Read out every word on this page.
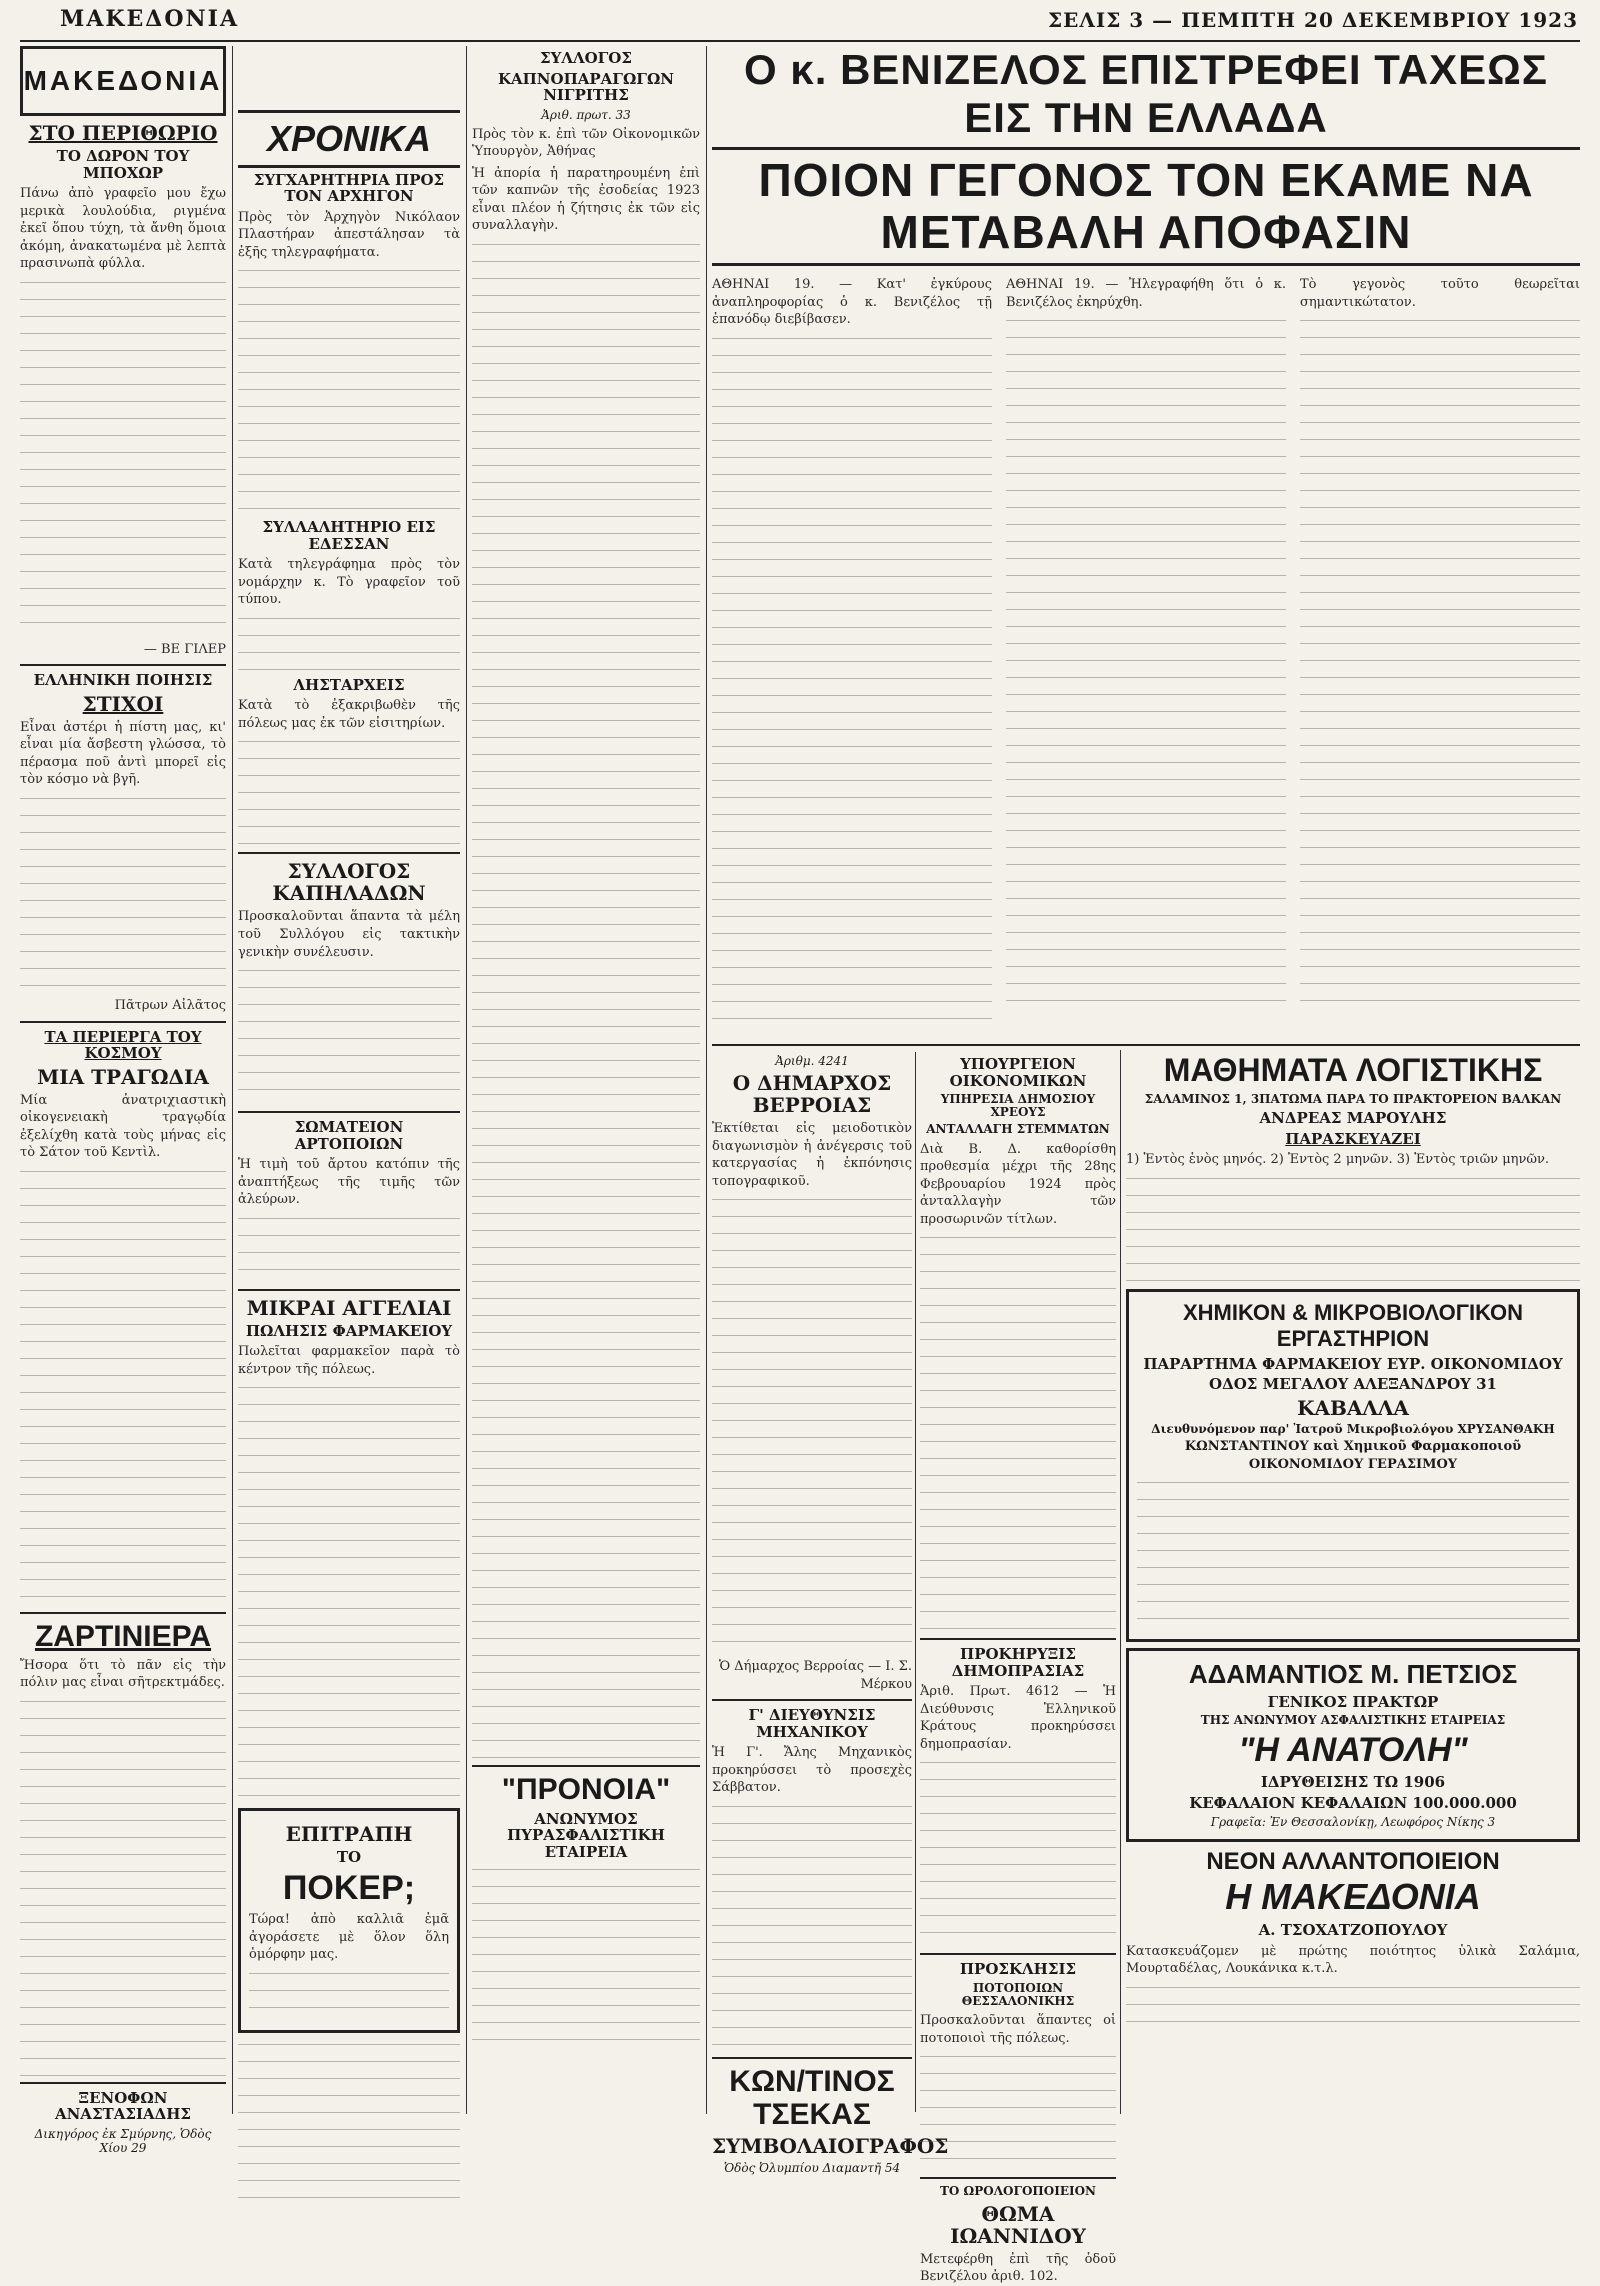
ΜΑΚΕΔΟΝΙΑ	ΣΕΛΙΣ 3 — ΠΕΜΠΤΗ 20 ΔΕΚΕΜΒΡΙΟΥ 1923
ΜΑΚΕΔΟΝΙΑ
ΣΤΟ ΠΕΡΙΘΩΡΙΟ
ΤΟ ΔΩΡΟΝ ΤΟΥ ΜΠΟΧΩΡ
Πάνω ἀπὸ γραφεῖο μου ἔχω μερικὰ λουλούδια, ριγμένα ἐκεῖ ὅπου τύχη, τὰ ἄνθη ὅμοια ἀκόμη, ἀνακατωμένα μὲ λεπτὰ πρασινωπὰ φύλλα.
— ΒΕ ΓΙΛΕΡ
ΕΛΛΗΝΙΚΗ ΠΟΙΗΣΙΣ
ΣΤΙΧΟΙ
Εἶναι ἀστέρι ἡ πίστη μας, κι' εἶναι μία ἄσβεστη γλώσσα, τὸ πέρασμα ποῦ ἀντὶ μπορεῖ εἰς τὸν κόσμο νὰ βγῆ.
Πᾶτρων Αἰλᾶτος
ΤΑ ΠΕΡΙΕΡΓΑ ΤΟΥ ΚΟΣΜΟΥ
ΜΙΑ ΤΡΑΓΩΔΙΑ
Μία ἀνατριχιαστικὴ οἰκογενειακὴ τραγῳδία ἐξελίχθη κατὰ τοὺς μήνας εἰς τὸ Σάτον τοῦ Κεντὶλ.
ΖΑΡΤΙΝΙΕΡΑ
Ἤσορα ὅτι τὸ πᾶν εἰς τὴν πόλιν μας εἶναι σῆτρεκτμάδες.
ΞΕΝΟΦΩΝ ΑΝΑΣΤΑΣΙΑΔΗΣ
Δικηγόρος ἐκ Σμύρνης, Ὁδὸς Χίου 29
ΧΡΟΝΙΚΑ
ΣΥΓΧΑΡΗΤΗΡΙΑ ΠΡΟΣ ΤΟΝ ΑΡΧΗΓΟΝ
Πρὸς τὸν Ἀρχηγὸν Νικόλαον Πλαστήραν ἀπεστάλησαν τὰ ἐξῆς τηλεγραφήματα.
ΣΥΛΛΑΛΗΤΗΡΙΟ ΕΙΣ ΕΔΕΣΣΑΝ
Κατὰ τηλεγράφημα πρὸς τὸν νομάρχην κ. Τὸ γραφεῖον τοῦ τύπου.
ΛΗΣΤΑΡΧΕΙΣ
Κατὰ τὸ ἐξακριβωθὲν τῆς πόλεως μας ἐκ τῶν εἰσιτηρίων.
ΣΥΛΛΟΓΟΣ ΚΑΠΗΛΑΔΩΝ
Προσκαλοῦνται ἅπαντα τὰ μέλη τοῦ Συλλόγου εἰς τακτικὴν γενικὴν συνέλευσιν.
ΣΩΜΑΤΕΙΟΝ ΑΡΤΟΠΟΙΩΝ
Ἡ τιμὴ τοῦ ἄρτου κατόπιν τῆς ἀναπτήξεως τῆς τιμῆς τῶν ἀλεύρων.
ΜΙΚΡΑΙ ΑΓΓΕΛΙΑΙ
ΠΩΛΗΣΙΣ ΦΑΡΜΑΚΕΙΟΥ
Πωλεῖται φαρμακεῖον παρὰ τὸ κέντρον τῆς πόλεως.
ΕΠΙΤΡΑΠΗ
ΤΟ
ΠΟΚΕΡ;
Τώρα! ἀπὸ καλλιᾶ ἐμᾶ ἀγοράσετε μὲ ὅλον ὅλη ὁμόρφην μας.
ΣΥΛΛΟΓΟΣ
ΚΑΠΝΟΠΑΡΑΓΩΓΩΝ ΝΙΓΡΙΤΗΣ
Ἀριθ. πρωτ. 33
Πρὸς τὸν κ. ἐπὶ τῶν Οἰκονομικῶν Ὑπουργὸν, Ἀθήνας
Ἡ ἀπορία ἡ παρατηρουμένη ἐπὶ τῶν καπνῶν τῆς ἐσοδείας 1923 εἶναι πλέον ἡ ζήτησις ἐκ τῶν εἰς συναλλαγὴν.
"ΠΡΟΝΟΙΑ"
ΑΝΩΝΥΜΟΣ ΠΥΡΑΣΦΑΛΙΣΤΙΚΗ ΕΤΑΙΡΕΙΑ
Ο κ. ΒΕΝΙΖΕΛΟΣ ΕΠΙΣΤΡΕΦΕΙ ΤΑΧΕΩΣ ΕΙΣ ΤΗΝ ΕΛΛΑΔΑ
ΠΟΙΟΝ ΓΕΓΟΝΟΣ ΤΟΝ ΕΚΑΜΕ ΝΑ ΜΕΤΑΒΑΛΗ ΑΠΟΦΑΣΙΝ
ΑΘΗΝΑΙ 19. — Κατ' ἐγκύρους ἀναπληροφορίας ὁ κ. Βενιζέλος τῇ ἐπανόδῳ διεβίβασεν.
ΑΘΗΝΑΙ 19. — Ἠλεγραφήθη ὅτι ὁ κ. Βενιζέλος ἐκηρύχθη.
Τὸ γεγονὸς τοῦτο θεωρεῖται σημαντικώτατον.
Ἀριθμ. 4241
Ο ΔΗΜΑΡΧΟΣ ΒΕΡΡΟΙΑΣ
Ἐκτίθεται εἰς μειοδοτικὸν διαγωνισμὸν ἡ ἀνέγερσις τοῦ κατεργασίας ἡ ἐκπόνησις τοπογραφικοῦ.
Ὁ Δήμαρχος Βερροίας — Ι. Σ. Μέρκου
Γ' ΔΙΕΥΘΥΝΣΙΣ ΜΗΧΑΝΙΚΟΥ
Ἡ Γ'. Ἄλης Μηχανικὸς προκηρύσσει τὸ προσεχὲς Σάββατον.
ΚΩΝ/ΤΙΝΟΣ ΤΣΕΚΑΣ
ΣΥΜΒΟΛΑΙΟΓΡΑΦΟΣ
Ὁδὸς Ὀλυμπίου Διαμαντῆ 54
ΥΠΟΥΡΓΕΙΟΝ ΟΙΚΟΝΟΜΙΚΩΝ
ΥΠΗΡΕΣΙΑ ΔΗΜΟΣΙΟΥ ΧΡΕΟΥΣ
ΑΝΤΑΛΛΑΓΗ ΣΤΕΜΜΑΤΩΝ
Διὰ Β. Δ. καθορίσθη προθεσμία μέχρι τῆς 28ης Φεβρουαρίου 1924 πρὸς ἀνταλλαγὴν τῶν προσωρινῶν τίτλων.
ΠΡΟΚΗΡΥΞΙΣ ΔΗΜΟΠΡΑΣΙΑΣ
Ἀριθ. Πρωτ. 4612 — Ἡ Διεύθυνσις Ἑλληνικοῦ Κράτους προκηρύσσει δημοπρασίαν.
ΠΡΟΣΚΛΗΣΙΣ
ΠΟΤΟΠΟΙΩΝ ΘΕΣΣΑΛΟΝΙΚΗΣ
Προσκαλοῦνται ἅπαντες οἱ ποτοποιοὶ τῆς πόλεως.
ΤΟ ΩΡΟΛΟΓΟΠΟΙΕΙΟΝ
ΘΩΜΑ ΙΩΑΝΝΙΔΟΥ
Μετεφέρθη ἐπὶ τῆς ὁδοῦ Βενιζέλου ἀριθ. 102.
ΜΑΘΗΜΑΤΑ ΛΟΓΙΣΤΙΚΗΣ
ΣΑΛΑΜΙΝΟΣ 1, 3ΠΑΤΩΜΑ ΠΑΡΑ ΤΟ ΠΡΑΚΤΟΡΕΙΟΝ ΒΑΛΚΑΝ
ΑΝΔΡΕΑΣ ΜΑΡΟΥΛΗΣ
ΠΑΡΑΣΚΕΥΑΖΕΙ
1) Ἐντὸς ἑνὸς μηνός. 2) Ἐντὸς 2 μηνῶν. 3) Ἐντὸς τριῶν μηνῶν.
ΧΗΜΙΚΟΝ & ΜΙΚΡΟΒΙΟΛΟΓΙΚΟΝ ΕΡΓΑΣΤΗΡΙΟΝ
ΠΑΡΑΡΤΗΜΑ ΦΑΡΜΑΚΕΙΟΥ ΕΥΡ. ΟΙΚΟΝΟΜΙΔΟΥ
ΟΔΟΣ ΜΕΓΑΛΟΥ ΑΛΕΞΑΝΔΡΟΥ 31
ΚΑΒΑΛΛΑ
Διευθυνόμενον παρ' Ἰατροῦ Μικροβιολόγου ΧΡΥΣΑΝΘΑΚΗ
ΚΩΝΣΤΑΝΤΙΝΟΥ καὶ Χημικοῦ Φαρμακοποιοῦ
ΟΙΚΟΝΟΜΙΔΟΥ ΓΕΡΑΣΙΜΟΥ
ΑΔΑΜΑΝΤΙΟΣ Μ. ΠΕΤΣΙΟΣ
ΓΕΝΙΚΟΣ ΠΡΑΚΤΩΡ
ΤΗΣ ΑΝΩΝΥΜΟΥ ΑΣΦΑΛΙΣΤΙΚΗΣ ΕΤΑΙΡΕΙΑΣ
"Η ΑΝΑΤΟΛΗ"
ΙΔΡΥΘΕΙΣΗΣ ΤΩ 1906
ΚΕΦΑΛΑΙΟΝ ΚΕΦΑΛΑΙΩΝ 100.000.000
Γραφεῖα: Ἐν Θεσσαλονίκῃ, Λεωφόρος Νίκης 3
ΝΕΟΝ ΑΛΛΑΝΤΟΠΟΙΕΙΟΝ
Η ΜΑΚΕΔΟΝΙΑ
Α. ΤΣΟΧΑΤΖΟΠΟΥΛΟΥ
Κατασκευάζομεν μὲ πρώτης ποιότητος ὑλικὰ Σαλάμια, Μουρταδέλας, Λουκάνικα κ.τ.λ.
